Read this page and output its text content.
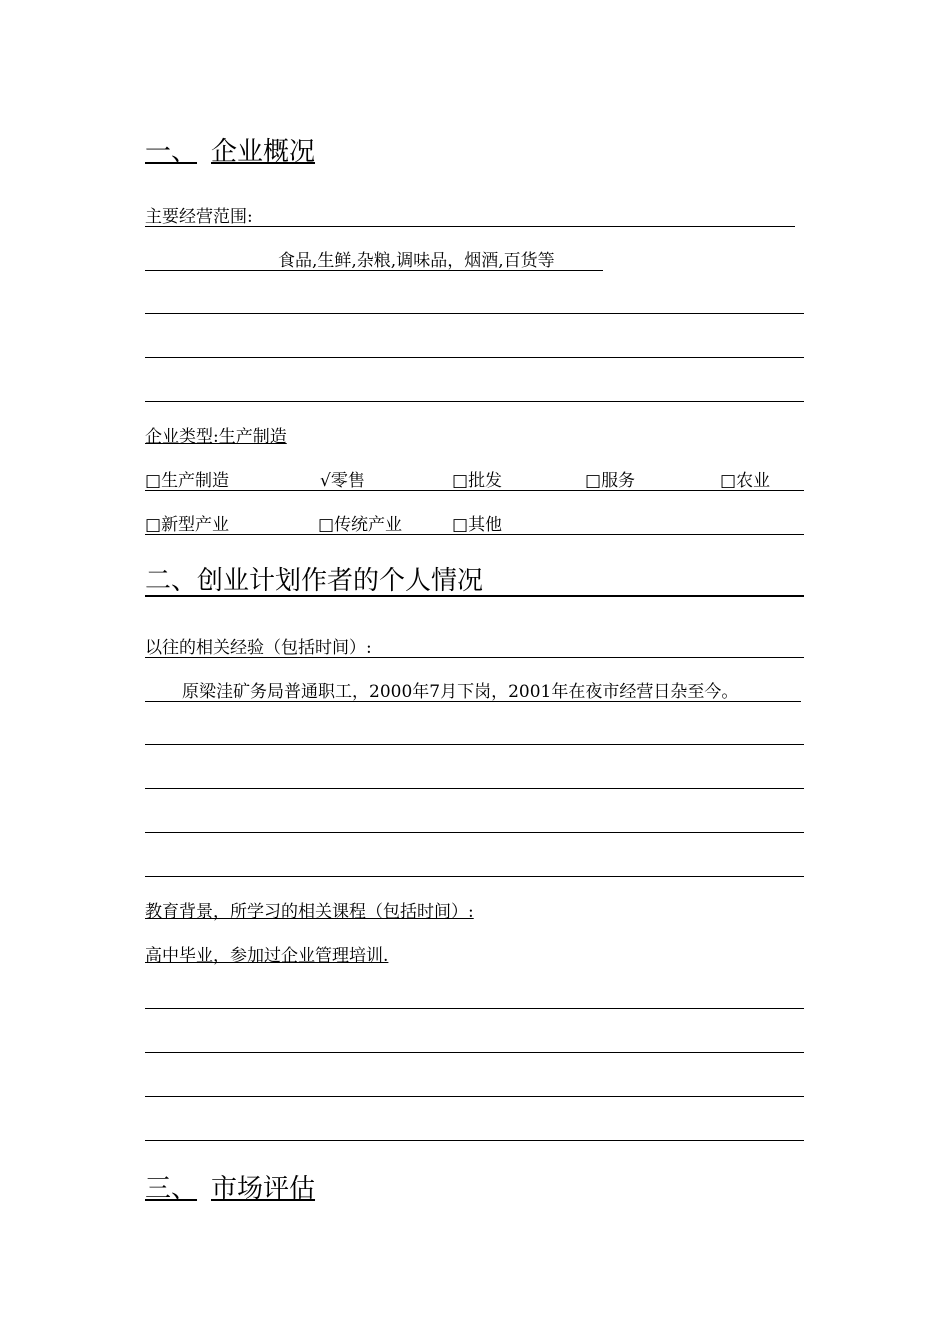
一、 企业概况
主要经营范围:
食品,生鲜,杂粮,调味品，烟酒,百货等
企业类型:生产制造
□生产制造	√零售	□批发	□服务	□农业
□新型产业	□传统产业	□其他
二、创业计划作者的个人情况
以往的相关经验（包括时间）:
原梁洼矿务局普通职工，2000年7月下岗，2001年在夜市经营日杂至今。
教育背景，所学习的相关课程（包括时间）:
高中毕业，参加过企业管理培训.
三、 市场评估
